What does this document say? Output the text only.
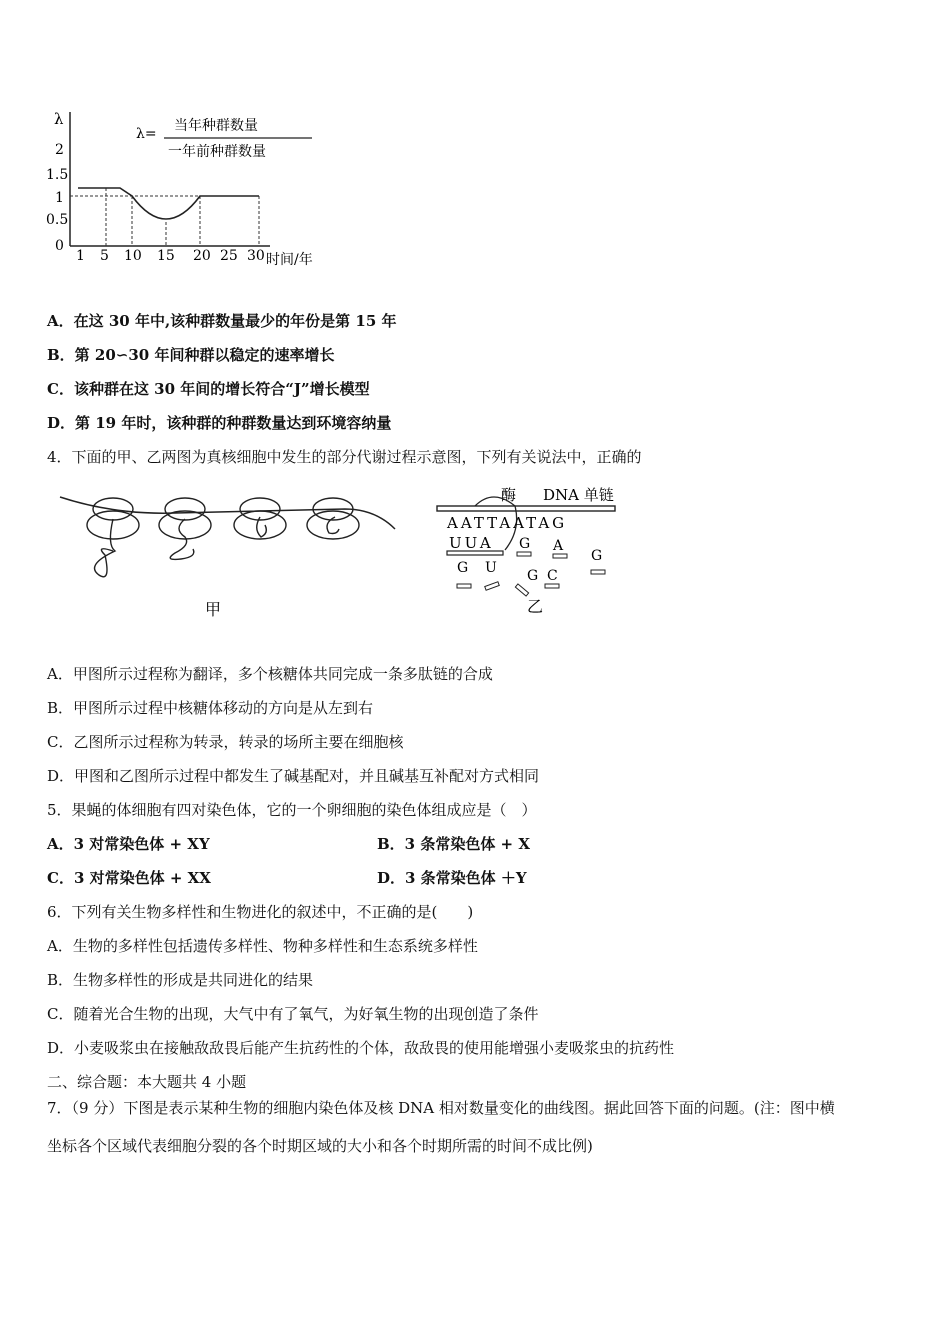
λ
2
1.5
1
0.5
0
1 5 10 15 20 25 30 时间/年
λ= 当年种群数量
一年前种群数量
A．在这 30 年中,该种群数量最少的年份是第 15 年
B．第 20∽30 年间种群以稳定的速率增长
C．该种群在这 30 年间的增长符合“J”增长模型
D．第 19 年时，该种群的种群数量达到环境容纳量
4．下面的甲、乙两图为真核细胞中发生的部分代谢过程示意图，下列有关说法中，正确的
甲
酶 DNA 单链
AATTAATAG
UUA G A
G
G U G C
乙
A．甲图所示过程称为翻译，多个核糖体共同完成一条多肽链的合成
B．甲图所示过程中核糖体移动的方向是从左到右
C．乙图所示过程称为转录，转录的场所主要在细胞核
D．甲图和乙图所示过程中都发生了碱基配对，并且碱基互补配对方式相同
5．果蝇的体细胞有四对染色体，它的一个卵细胞的染色体组成应是（　）
A．3 对常染色体 + XY	B．3 条常染色体 + X
C．3 对常染色体 + XX	D．3 条常染色体 ＋Y
6．下列有关生物多样性和生物进化的叙述中，不正确的是(　　)
A．生物的多样性包括遗传多样性、物种多样性和生态系统多样性
B．生物多样性的形成是共同进化的结果
C．随着光合生物的出现，大气中有了氧气，为好氧生物的出现创造了条件
D．小麦吸浆虫在接触敌敌畏后能产生抗药性的个体，敌敌畏的使用能增强小麦吸浆虫的抗药性
二、综合题：本大题共 4 小题
7．（9 分）下图是表示某种生物的细胞内染色体及核 DNA 相对数量变化的曲线图。据此回答下面的问题。(注：图中横
坐标各个区域代表细胞分裂的各个时期区域的大小和各个时期所需的时间不成比例)
